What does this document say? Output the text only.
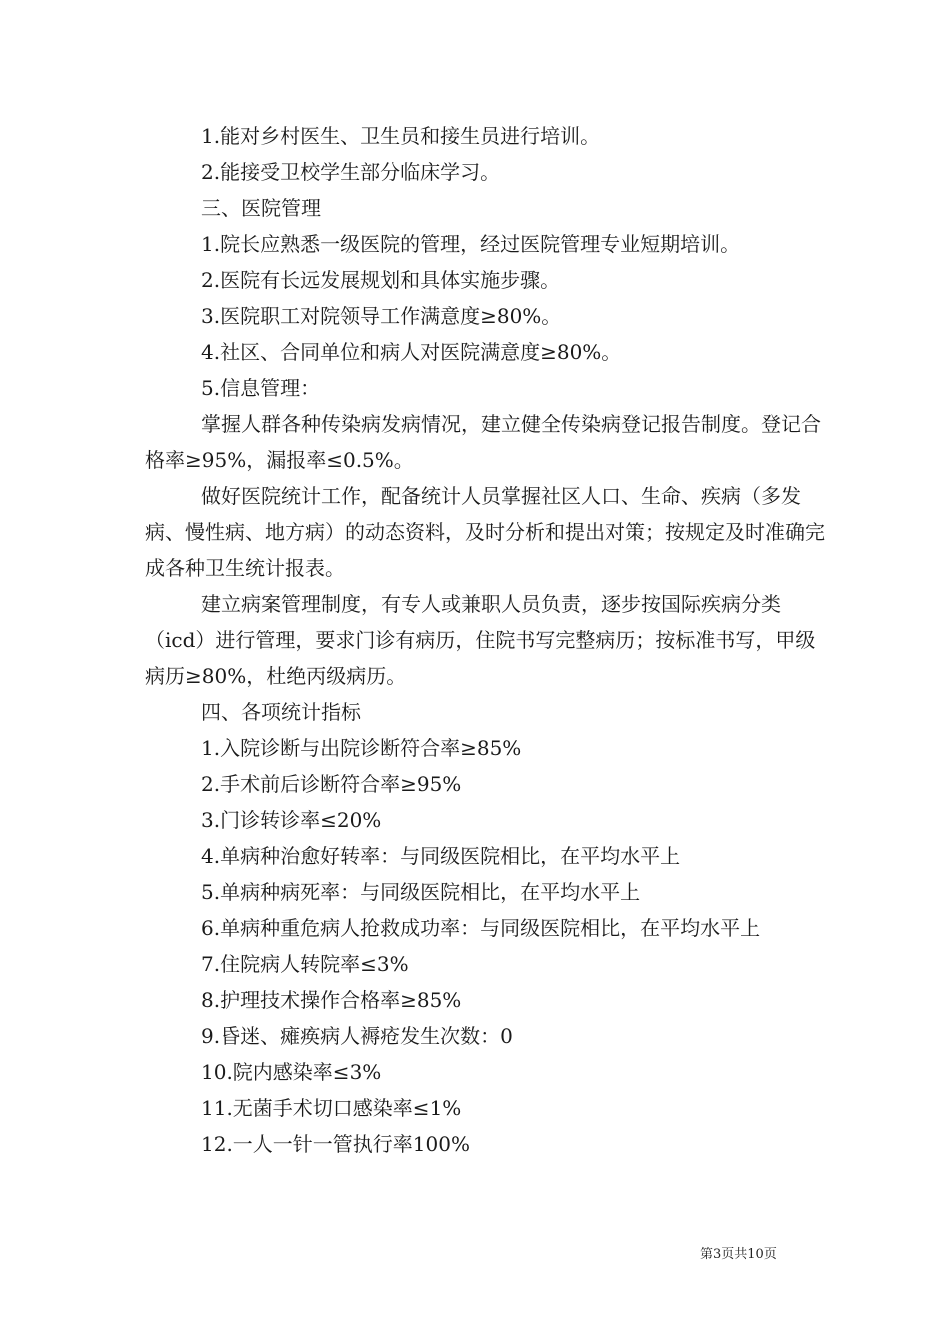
1.能对乡村医生、卫生员和接生员进行培训。

2.能接受卫校学生部分临床学习。

三、医院管理

1.院长应熟悉一级医院的管理，经过医院管理专业短期培训。

2.医院有长远发展规划和具体实施步骤。

3.医院职工对院领导工作满意度≥80%。

4.社区、合同单位和病人对医院满意度≥80%。

5.信息管理：

掌握人群各种传染病发病情况，建立健全传染病登记报告制度。登记合格率≥95%，漏报率≤0.5%。

做好医院统计工作，配备统计人员掌握社区人口、生命、疾病（多发病、慢性病、地方病）的动态资料，及时分析和提出对策；按规定及时准确完成各种卫生统计报表。

建立病案管理制度，有专人或兼职人员负责，逐步按国际疾病分类（icd）进行管理，要求门诊有病历，住院书写完整病历；按标准书写，甲级病历≥80%，杜绝丙级病历。

四、各项统计指标

1.入院诊断与出院诊断符合率≥85%

2.手术前后诊断符合率≥95%

3.门诊转诊率≤20%

4.单病种治愈好转率：与同级医院相比，在平均水平上

5.单病种病死率：与同级医院相比，在平均水平上

6.单病种重危病人抢救成功率：与同级医院相比，在平均水平上

7.住院病人转院率≤3%

8.护理技术操作合格率≥85%

9.昏迷、瘫痪病人褥疮发生次数：0

10.院内感染率≤3%

11.无菌手术切口感染率≤1%

12.一人一针一管执行率100%

第3页共10页
